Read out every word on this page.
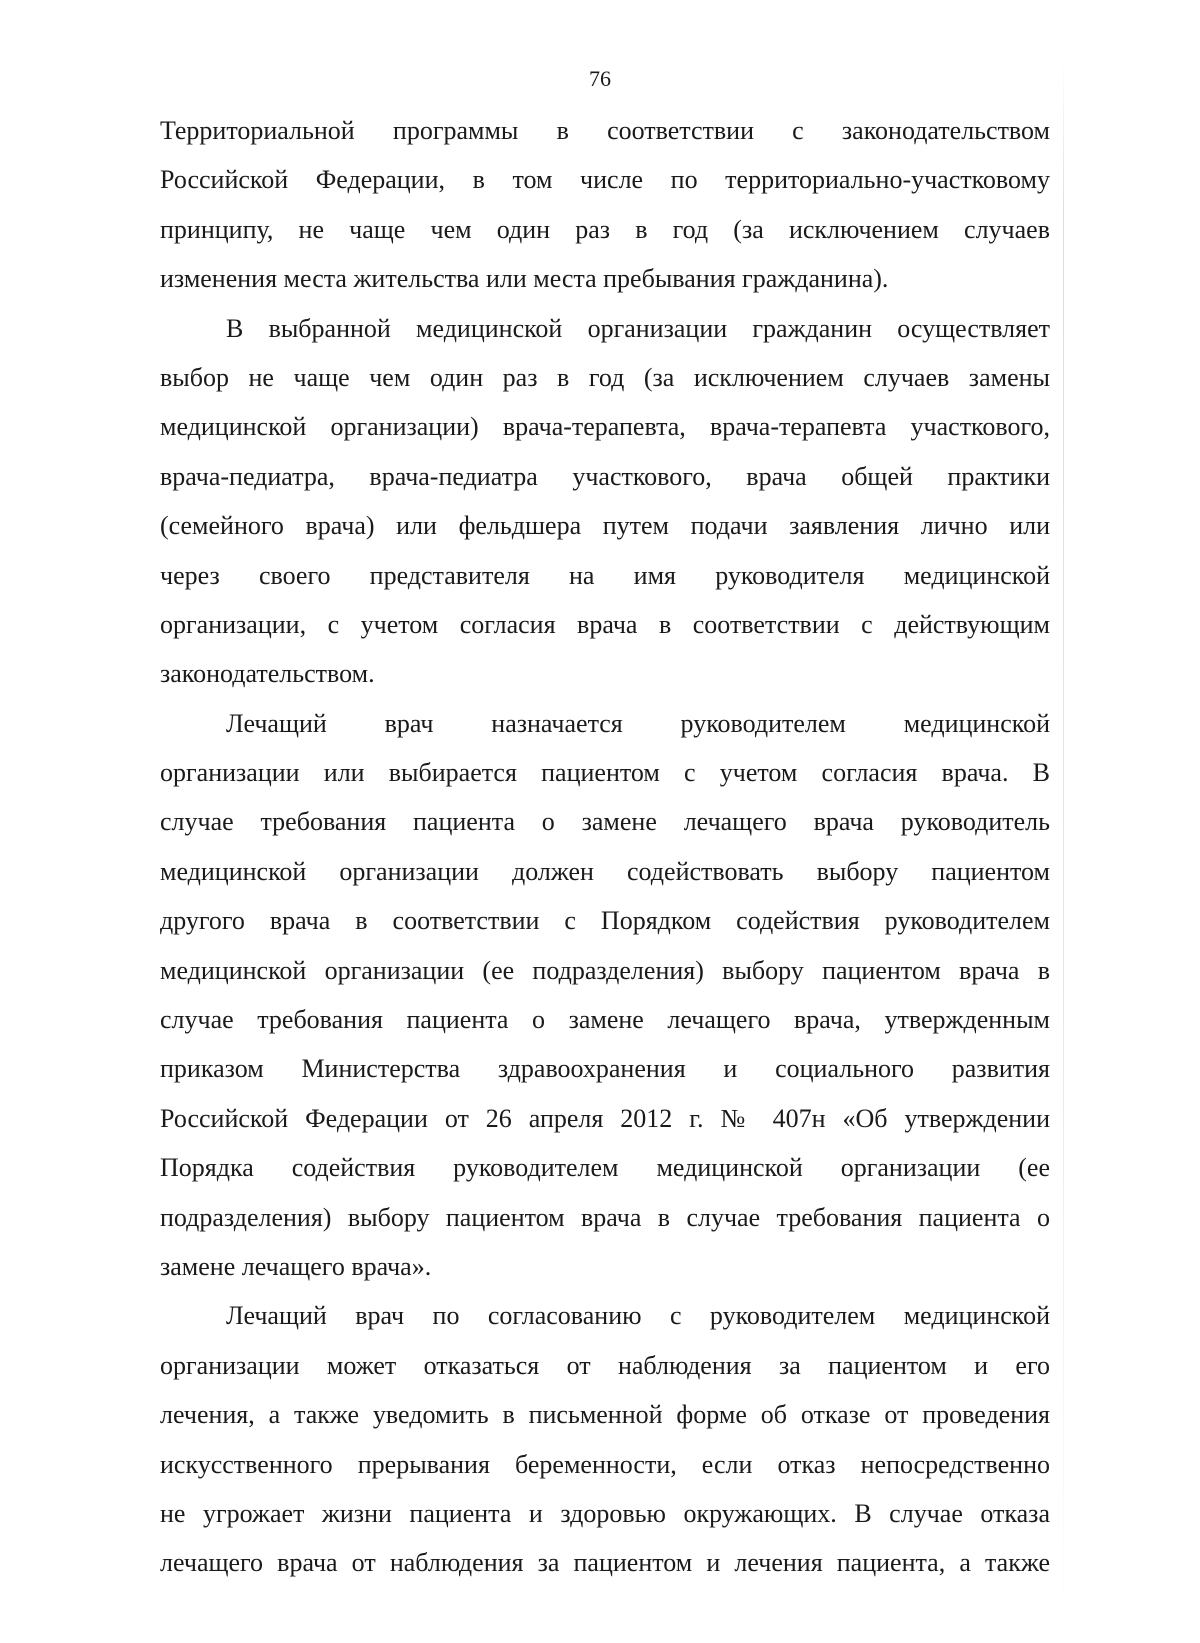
76
Территориальной программы в соответствии с законодательством
Российской Федерации, в том числе по территориально-участковому
принципу, не чаще чем один раз в год (за исключением случаев
изменения места жительства или места пребывания гражданина).
В выбранной медицинской организации гражданин осуществляет
выбор не чаще чем один раз в год (за исключением случаев замены
медицинской организации) врача-терапевта, врача-терапевта участкового,
врача-педиатра, врача-педиатра участкового, врача общей практики
(семейного врача) или фельдшера путем подачи заявления лично или
через своего представителя на имя руководителя медицинской
организации, с учетом согласия врача в соответствии с действующим
законодательством.
Лечащий врач назначается руководителем медицинской
организации или выбирается пациентом с учетом согласия врача. В
случае требования пациента о замене лечащего врача руководитель
медицинской организации должен содействовать выбору пациентом
другого врача в соответствии с Порядком содействия руководителем
медицинской организации (ее подразделения) выбору пациентом врача в
случае требования пациента о замене лечащего врача, утвержденным
приказом Министерства здравоохранения и социального развития
Российской Федерации от 26 апреля 2012 г. № 407н «Об утверждении
Порядка содействия руководителем медицинской организации (ее
подразделения) выбору пациентом врача в случае требования пациента о
замене лечащего врача».
Лечащий врач по согласованию с руководителем медицинской
организации может отказаться от наблюдения за пациентом и его
лечения, а также уведомить в письменной форме об отказе от проведения
искусственного прерывания беременности, если отказ непосредственно
не угрожает жизни пациента и здоровью окружающих. В случае отказа
лечащего врача от наблюдения за пациентом и лечения пациента, а также
